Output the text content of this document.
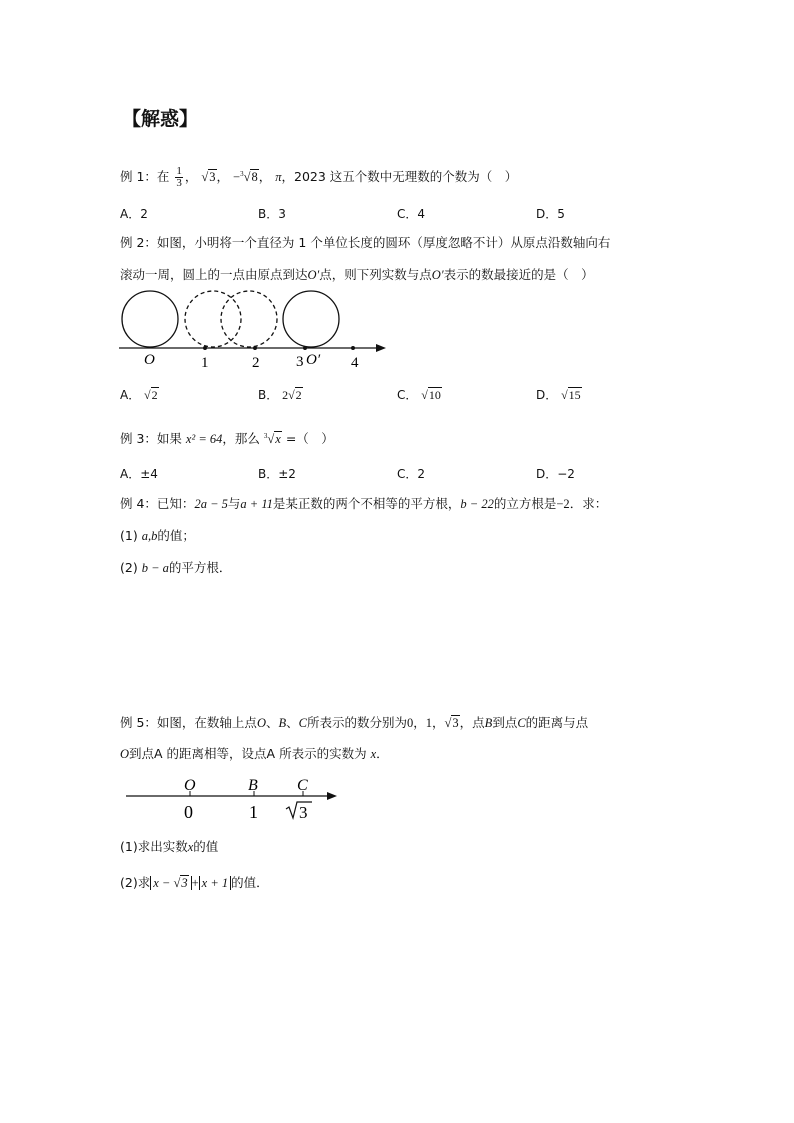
【解惑】
例 1：在 $\frac{1}{3}$ ， √3， −$^3$√8， π，2023 这五个数中无理数的个数为（　）
A．2	B．3	C．4	D．5
例 2：如图，小明将一个直径为 1 个单位长度的圆环（厚度忽略不计）从原点沿数轴向右
滚动一周，圆上的一点由原点到达O′点，则下列实数与点O′表示的数最接近的是（　）
O	1	2 3 O′ 4
A． √2	B． 2√2	C． √10	D． √15
例 3：如果 x² = 64，那么 $^3$√x =（　）
A．±4	B．±2	C．2	D．−2
例 4：已知：2a − 5与a + 11是某正数的两个不相等的平方根，b − 22的立方根是−2．求：
(1) a,b的值；
(2) b − a的平方根．
例 5：如图，在数轴上点O、B、C所表示的数分别为0，1，√3，点B到点C的距离与点
O到点A 的距离相等，设点A 所表示的实数为 x．
O	B C
0	1 3
(1)求出实数x的值
(2)求 x − √3 + x + 1 的值．
